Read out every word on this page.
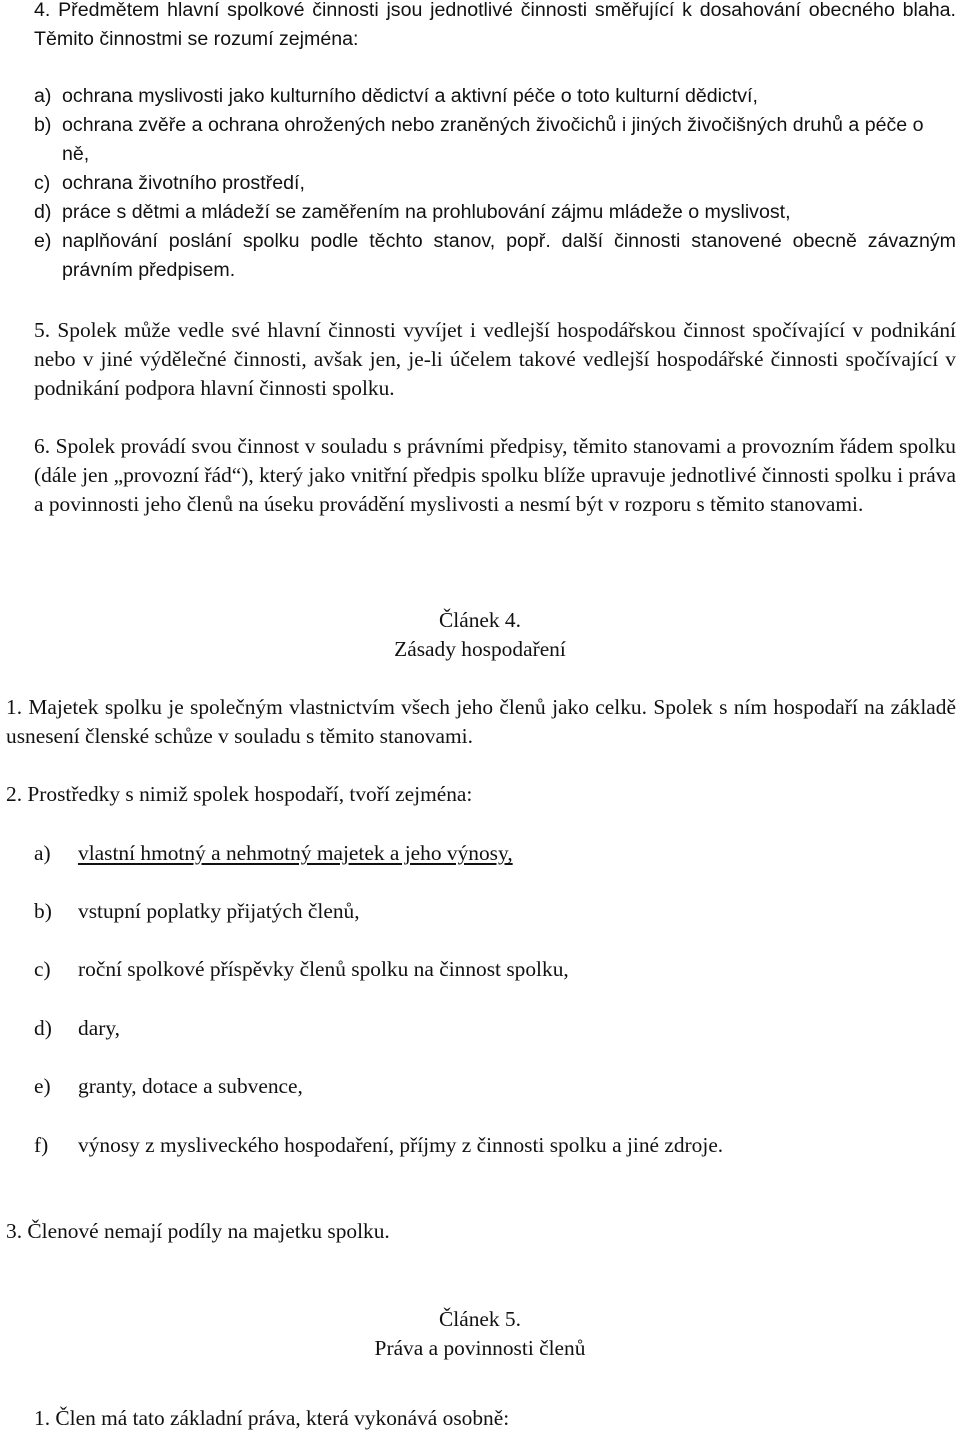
4. Předmětem hlavní spolkové činnosti jsou jednotlivé činnosti směřující k dosahování obecného blaha. Těmito činnostmi se rozumí zejména:

a) ochrana myslivosti jako kulturního dědictví a aktivní péče o toto kulturní dědictví,
b) ochrana zvěře a ochrana ohrožených nebo zraněných živočichů i jiných živočišných druhů a péče o ně,
c) ochrana životního prostředí,
d) práce s dětmi a mládeží se zaměřením na prohlubování zájmu mládeže o myslivost,
e) naplňování poslání spolku podle těchto stanov, popř. další činnosti stanovené obecně závazným právním předpisem.

5. Spolek může vedle své hlavní činnosti vyvíjet i vedlejší hospodářskou činnost spočívající v podnikání nebo v jiné výdělečné činnosti, avšak jen, je-li účelem takové vedlejší hospodářské činnosti spočívající v podnikání podpora hlavní činnosti spolku.

6. Spolek provádí svou činnost v souladu s právními předpisy, těmito stanovami a provozním řádem spolku (dále jen „provozní řád“), který jako vnitřní předpis spolku blíže upravuje jednotlivé činnosti spolku i práva a povinnosti jeho členů na úseku provádění myslivosti a nesmí být v rozporu s těmito stanovami.

Článek 4.
Zásady hospodaření

1. Majetek spolku je společným vlastnictvím všech jeho členů jako celku. Spolek s ním hospodaří na základě usnesení členské schůze v souladu s těmito stanovami.

2. Prostředky s nimiž spolek hospodaří, tvoří zejména:

a) vlastní hmotný a nehmotný majetek a jeho výnosy,
b) vstupní poplatky přijatých členů,
c) roční spolkové příspěvky členů spolku na činnost spolku,
d) dary,
e) granty, dotace a subvence,
f) výnosy z mysliveckého hospodaření, příjmy z činnosti spolku a jiné zdroje.

3. Členové nemají podíly na majetku spolku.

Článek 5.
Práva a povinnosti členů

1. Člen má tato základní práva, která vykonává osobně:
